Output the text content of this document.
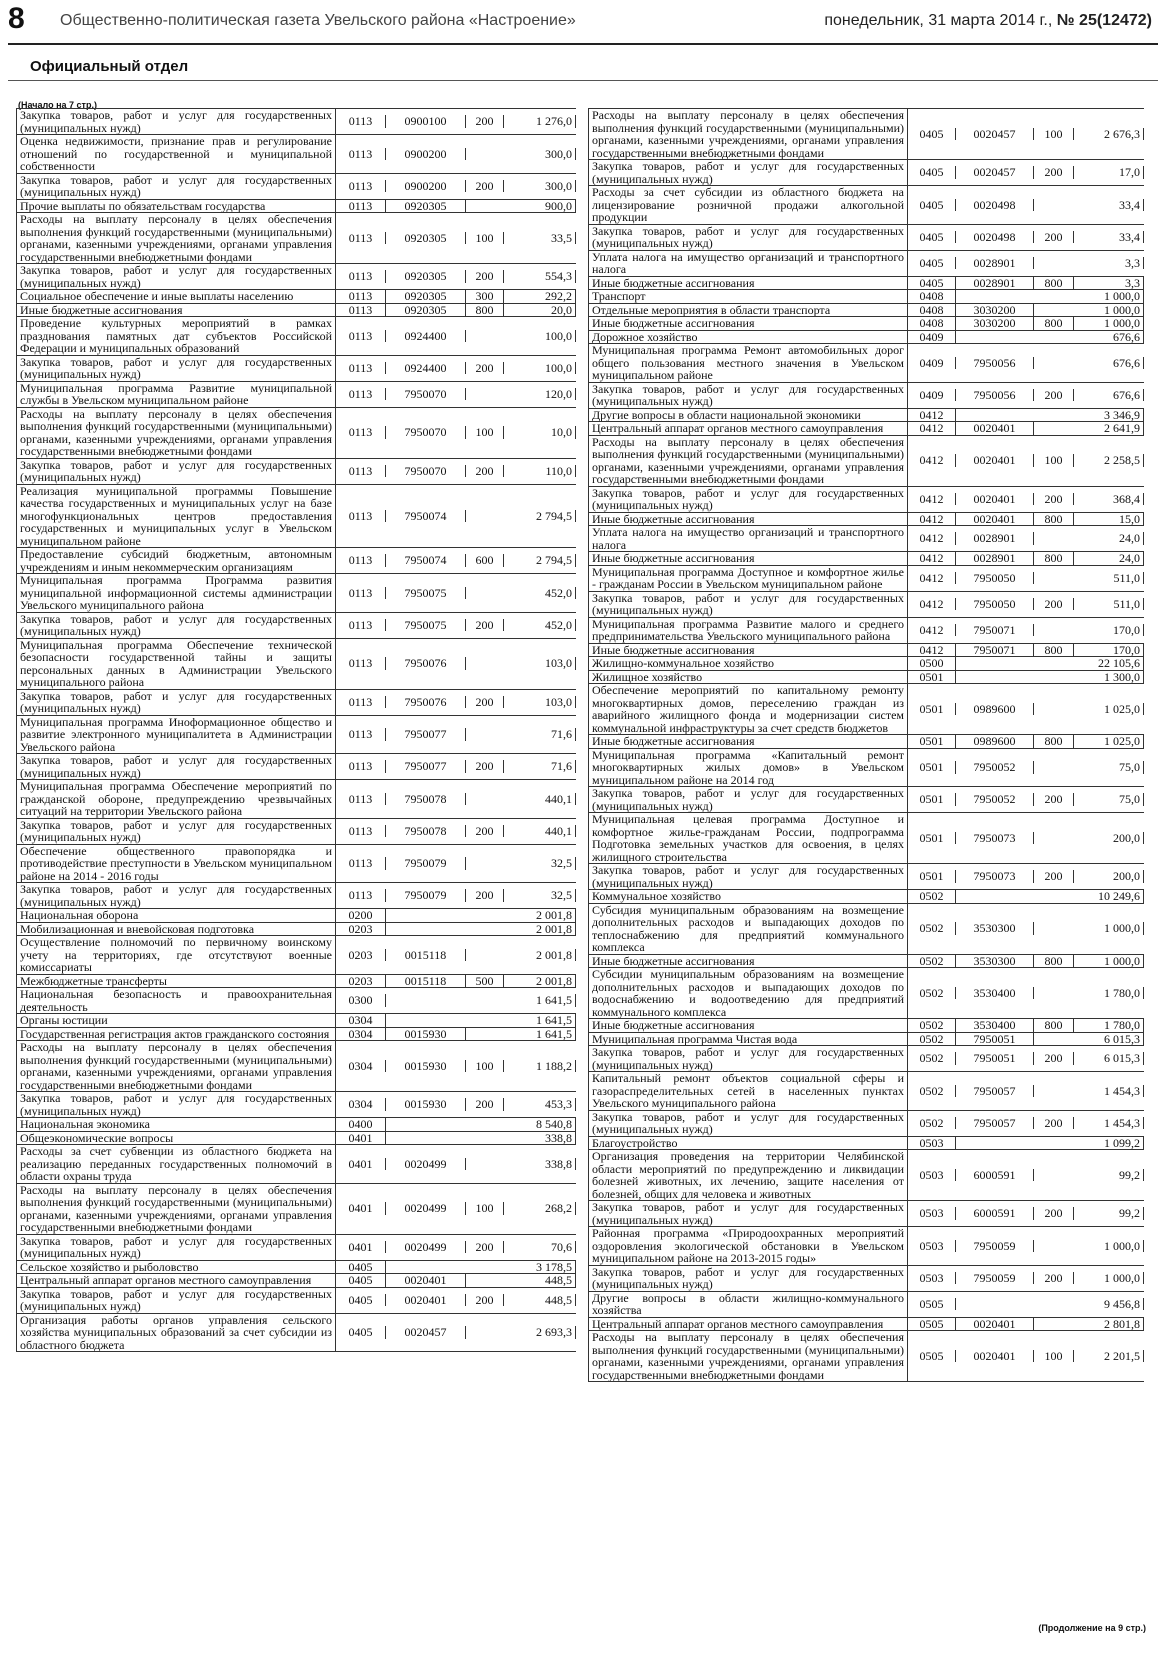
8 Общественно-политическая газета Увельского района «Настроение»	понедельник, 31 марта 2014 г., № 25(12472)
Официальный отдел
(Начало на 7 стр.)
Закупка товаров, работ и услуг для государственных (муниципальных нужд)	0113	0900100	200	1 276,0
Оценка недвижимости, признание прав и регулирование отношений по государственной и муниципальной собственности
0113	0900200	300,0
Закупка товаров, работ и услуг для государственных (муниципальных нужд)	0113	0900200	200	300,0
Прочие выплаты по обязательствам государства	0113	0920305	900,0
Расходы на выплату персоналу в целях обеспечения выполнения функций государственными (муниципальными) органами, казенными учреждениями, органами управления государственными внебюджетными фондами
0113	0920305	100	33,5
Закупка товаров, работ и услуг для государственных (муниципальных нужд)	0113	0920305	200	554,3
Социальное обеспечение и иные выплаты населению	0113	0920305	300	292,2
Иные бюджетные ассигнования	0113	0920305	800	20,0
Проведение культурных мероприятий в рамках празднования памятных дат субъектов Российской Федерации и муниципальных образований
0113	0924400	100,0
Закупка товаров, работ и услуг для государственных (муниципальных нужд)	0113	0924400	200	100,0
Муниципальная программа Развитие муниципальной службы в Увельском муниципальном районе	0113	7950070	120,0
Расходы на выплату персоналу в целях обеспечения выполнения функций государственными (муниципальными) органами, казенными учреждениями, органами управления государственными внебюджетными фондами
0113	7950070	100	10,0
Закупка товаров, работ и услуг для государственных (муниципальных нужд)	0113	7950070	200	110,0
Реализация муниципальной программы Повышение качества государственных и муниципальных услуг на базе многофункциональных центров предоставления государственных и муниципальных услуг в Увельском муниципальном районе
0113	7950074	2 794,5
Предоставление субсидий бюджетным, автономным учреждениям и иным некоммерческим организациям	0113	7950074	600	2 794,5
Муниципальная программа Программа развития муниципальной информационной системы администрации Увельского муниципального района
0113	7950075	452,0
Закупка товаров, работ и услуг для государственных (муниципальных нужд)	0113	7950075	200	452,0
Муниципальная программа Обеспечение технической безопасности государственной тайны и защиты персональных данных в Администрации Увельского муниципального района
0113	7950076	103,0
Закупка товаров, работ и услуг для государственных (муниципальных нужд)	0113	7950076	200	103,0
Муниципальная программа Иноформационное общество и развитие электронного муниципалитета в Администрации Увельского района
0113	7950077	71,6
Закупка товаров, работ и услуг для государственных (муниципальных нужд)	0113	7950077	200	71,6
Муниципальная программа Обеспечение мероприятий по гражданской обороне, предупреждению чрезвычайных ситуаций на территории Увельского района
0113	7950078	440,1
Закупка товаров, работ и услуг для государственных (муниципальных нужд)	0113	7950078	200	440,1
Обеспечение общественного правопорядка и противодействие преступности в Увельском муниципальном районе на 2014 - 2016 годы
0113	7950079	32,5
Закупка товаров, работ и услуг для государственных (муниципальных нужд)	0113	7950079	200	32,5
Национальная оборона	0200	2 001,8
Мобилизационная и вневойсковая подготовка	0203	2 001,8
Осуществление полномочий по первичному воинскому учету на территориях, где отсутствуют военные комиссариаты
0203	0015118	2 001,8
Межбюджетные трансферты	0203	0015118	500	2 001,8
Национальная безопасность и правоохранительная деятельность	0300	1 641,5
Органы юстиции	0304	1 641,5
Государственная регистрация актов гражданского состояния	0304	0015930	1 641,5
Расходы на выплату персоналу в целях обеспечения выполнения функций государственными (муниципальными) органами, казенными учреждениями, органами управления государственными внебюджетными фондами
0304	0015930	100	1 188,2
Закупка товаров, работ и услуг для государственных (муниципальных нужд)	0304	0015930	200	453,3
Национальная экономика	0400	8 540,8
Общеэкономические вопросы	0401	338,8
Расходы за счет субвенции из областного бюджета на реализацию переданных государственных полномочий в области охраны труда
0401	0020499	338,8
Расходы на выплату персоналу в целях обеспечения выполнения функций государственными (муниципальными) органами, казенными учреждениями, органами управления государственными внебюджетными фондами
0401	0020499	100	268,2
Закупка товаров, работ и услуг для государственных (муниципальных нужд)	0401	0020499	200	70,6
Сельское хозяйство и рыболовство	0405	3 178,5
Центральный аппарат органов местного самоуправления	0405	0020401	448,5
Закупка товаров, работ и услуг для государственных (муниципальных нужд)	0405	0020401	200	448,5
Организация работы органов управления сельского хозяйства муниципальных образований за счет субсидии из областного бюджета
0405	0020457	2 693,3
Расходы на выплату персоналу в целях обеспечения выполнения функций государственными (муниципальными) органами, казенными учреждениями, органами управления государственными внебюджетными фондами
0405	0020457	100	2 676,3
Закупка товаров, работ и услуг для государственных (муниципальных нужд)	0405	0020457	200	17,0
Расходы за счет субсидии из областного бюджета на лицензирование розничной продажи алкогольной продукции
0405	0020498	33,4
Закупка товаров, работ и услуг для государственных (муниципальных нужд)	0405	0020498	200	33,4
Уплата налога на имущество организаций и транспортного налога	0405	0028901	3,3
Иные бюджетные ассигнования	0405	0028901	800	3,3
Транспорт	0408	1 000,0
Отдельные мероприятия в области транспорта	0408	3030200	1 000,0
Иные бюджетные ассигнования	0408	3030200	800	1 000,0
Дорожное хозяйство	0409	676,6
Муниципальная программа Ремонт автомобильных дорог общего пользования местного значения в Увельском муниципальном районе
0409	7950056	676,6
Закупка товаров, работ и услуг для государственных (муниципальных нужд)	0409	7950056	200	676,6
Другие вопросы в области национальной экономики	0412	3 346,9
Центральный аппарат органов местного самоуправления	0412	0020401	2 641,9
Расходы на выплату персоналу в целях обеспечения выполнения функций государственными (муниципальными) органами, казенными учреждениями, органами управления государственными внебюджетными фондами
0412	0020401	100	2 258,5
Закупка товаров, работ и услуг для государственных (муниципальных нужд)	0412	0020401	200	368,4
Иные бюджетные ассигнования	0412	0020401	800	15,0
Уплата налога на имущество организаций и транспортного налога	0412	0028901	24,0
Иные бюджетные ассигнования	0412	0028901	800	24,0
Муниципальная программа Доступное и комфортное жилье - гражданам России в Увельском муниципальном районе	0412	7950050	511,0
Закупка товаров, работ и услуг для государственных (муниципальных нужд)	0412	7950050	200	511,0
Муниципальная программа Развитие малого и среднего предпринимательства Увельского муниципального района	0412	7950071	170,0
Иные бюджетные ассигнования	0412	7950071	800	170,0
Жилищно-коммунальное хозяйство	0500	22 105,6
Жилищное хозяйство	0501	1 300,0
Обеспечение мероприятий по капитальному ремонту многоквартирных домов, переселению граждан из аварийного жилищного фонда и модернизации систем коммунальной инфраструктуры за счет средств бюджетов
0501	0989600	1 025,0
Иные бюджетные ассигнования	0501	0989600	800	1 025,0
Муниципальная программа «Капитальный ремонт многоквартирных жилых домов» в Увельском муниципальном районе на 2014 год
0501	7950052	75,0
Закупка товаров, работ и услуг для государственных (муниципальных нужд)	0501	7950052	200	75,0
Муниципальная целевая программа Доступное и комфортное жилье-гражданам России, подпрограмма Подготовка земельных участков для освоения, в целях жилищного строительства
0501	7950073	200,0
Закупка товаров, работ и услуг для государственных (муниципальных нужд)	0501	7950073	200	200,0
Коммунальное хозяйство	0502	10 249,6
Субсидия муниципальным образованиям на возмещение дополнительных расходов и выпадающих доходов по теплоснабжению для предприятий коммунального комплекса
0502	3530300	1 000,0
Иные бюджетные ассигнования	0502	3530300	800	1 000,0
Субсидии муниципальным образованиям на возмещение дополнительных расходов и выпадающих доходов по водоснабжению и водоотведению для предприятий коммунального комплекса
0502	3530400	1 780,0
Иные бюджетные ассигнования	0502	3530400	800	1 780,0
Муниципальная программа Чистая вода	0502	7950051	6 015,3
Закупка товаров, работ и услуг для государственных (муниципальных нужд)	0502	7950051	200	6 015,3
Капитальный ремонт объектов социальной сферы и газораспределительных сетей в населенных пунктах Увельского муниципального района
0502	7950057	1 454,3
Закупка товаров, работ и услуг для государственных (муниципальных нужд)	0502	7950057	200	1 454,3
Благоустройство	0503	1 099,2
Организация проведения на территории Челябинской области мероприятий по предупреждению и ликвидации болезней животных, их лечению, защите населения от болезней, общих для человека и животных
0503	6000591	99,2
Закупка товаров, работ и услуг для государственных (муниципальных нужд)	0503	6000591	200	99,2
Районная программа «Природоохранных мероприятий оздоровления экологической обстановки в Увельском муниципальном районе на 2013-2015 годы»
0503	7950059	1 000,0
Закупка товаров, работ и услуг для государственных (муниципальных нужд)	0503	7950059	200	1 000,0
Другие вопросы в области жилищно-коммунального хозяйства	0505	9 456,8
Центральный аппарат органов местного самоуправления	0505	0020401	2 801,8
Расходы на выплату персоналу в целях обеспечения выполнения функций государственными (муниципальными) органами, казенными учреждениями, органами управления государственными внебюджетными фондами
0505	0020401	100	2 201,5
(Продолжение на 9 стр.)
